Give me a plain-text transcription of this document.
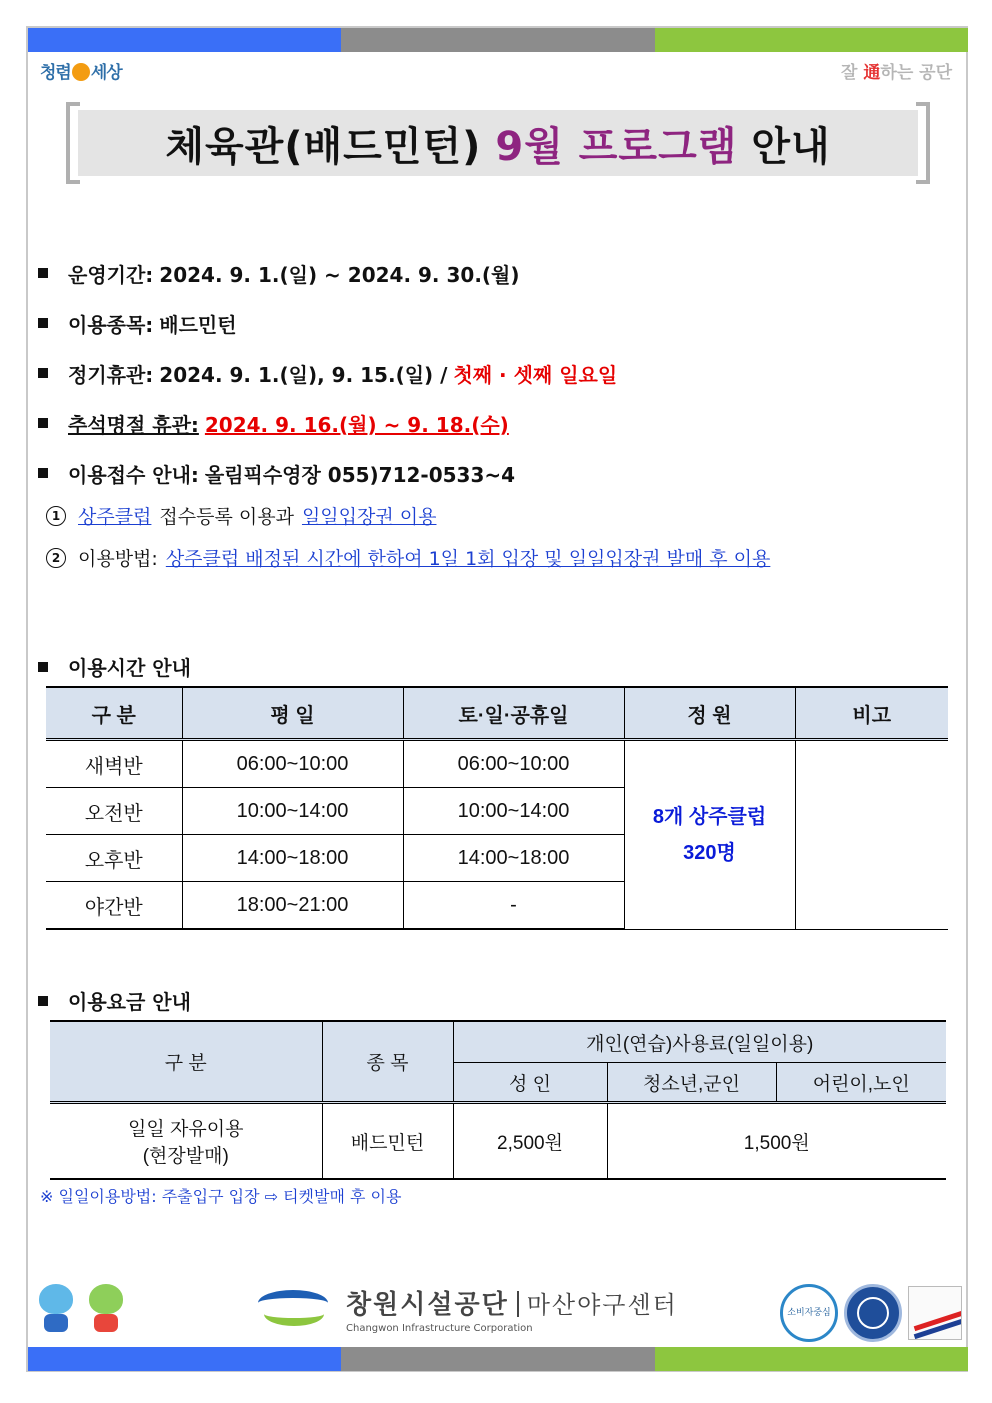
청렴 세상	잘 通하는 공단
체육관(배드민턴) 9월 프로그램 안내
운영기간: 2024. 9. 1.(일) ~ 2024. 9. 30.(월)
이용종목: 배드민턴
정기휴관: 2024. 9. 1.(일), 9. 15.(일) / 첫째 · 셋째 일요일
추석명절 휴관: 2024. 9. 16.(월) ~ 9. 18.(수)
이용접수 안내: 올림픽수영장 055)712-0533~4
1 상주클럽 접수등록 이용과 일일입장권 이용
2 이용방법: 상주클럽 배정된 시간에 한하여 1일 1회 입장 및 일일입장권 발매 후 이용
이용시간 안내
구 분	평 일	토·일·공휴일	정 원	비고
새벽반	06:00~10:00	06:00~10:00	8개 상주클럽
320명	

오전반	10:00~14:00	10:00~14:00		
오후반	14:00~18:00	14:00~18:00		
야간반	18:00~21:00	-		
이용요금 안내
구 분	종 목	개인(연습)사용료(일일이용)		
		성 인	청소년,군인	어린이,노인

일일 자유이용
(현장발매)	배드민턴	2,500원	1,500원	
※ 일일이용방법: 주출입구 입장 ⇨ 티켓발매 후 이용
창원시설공단 마산야구센터
Changwon Infrastructure Corporation
소비자중심
